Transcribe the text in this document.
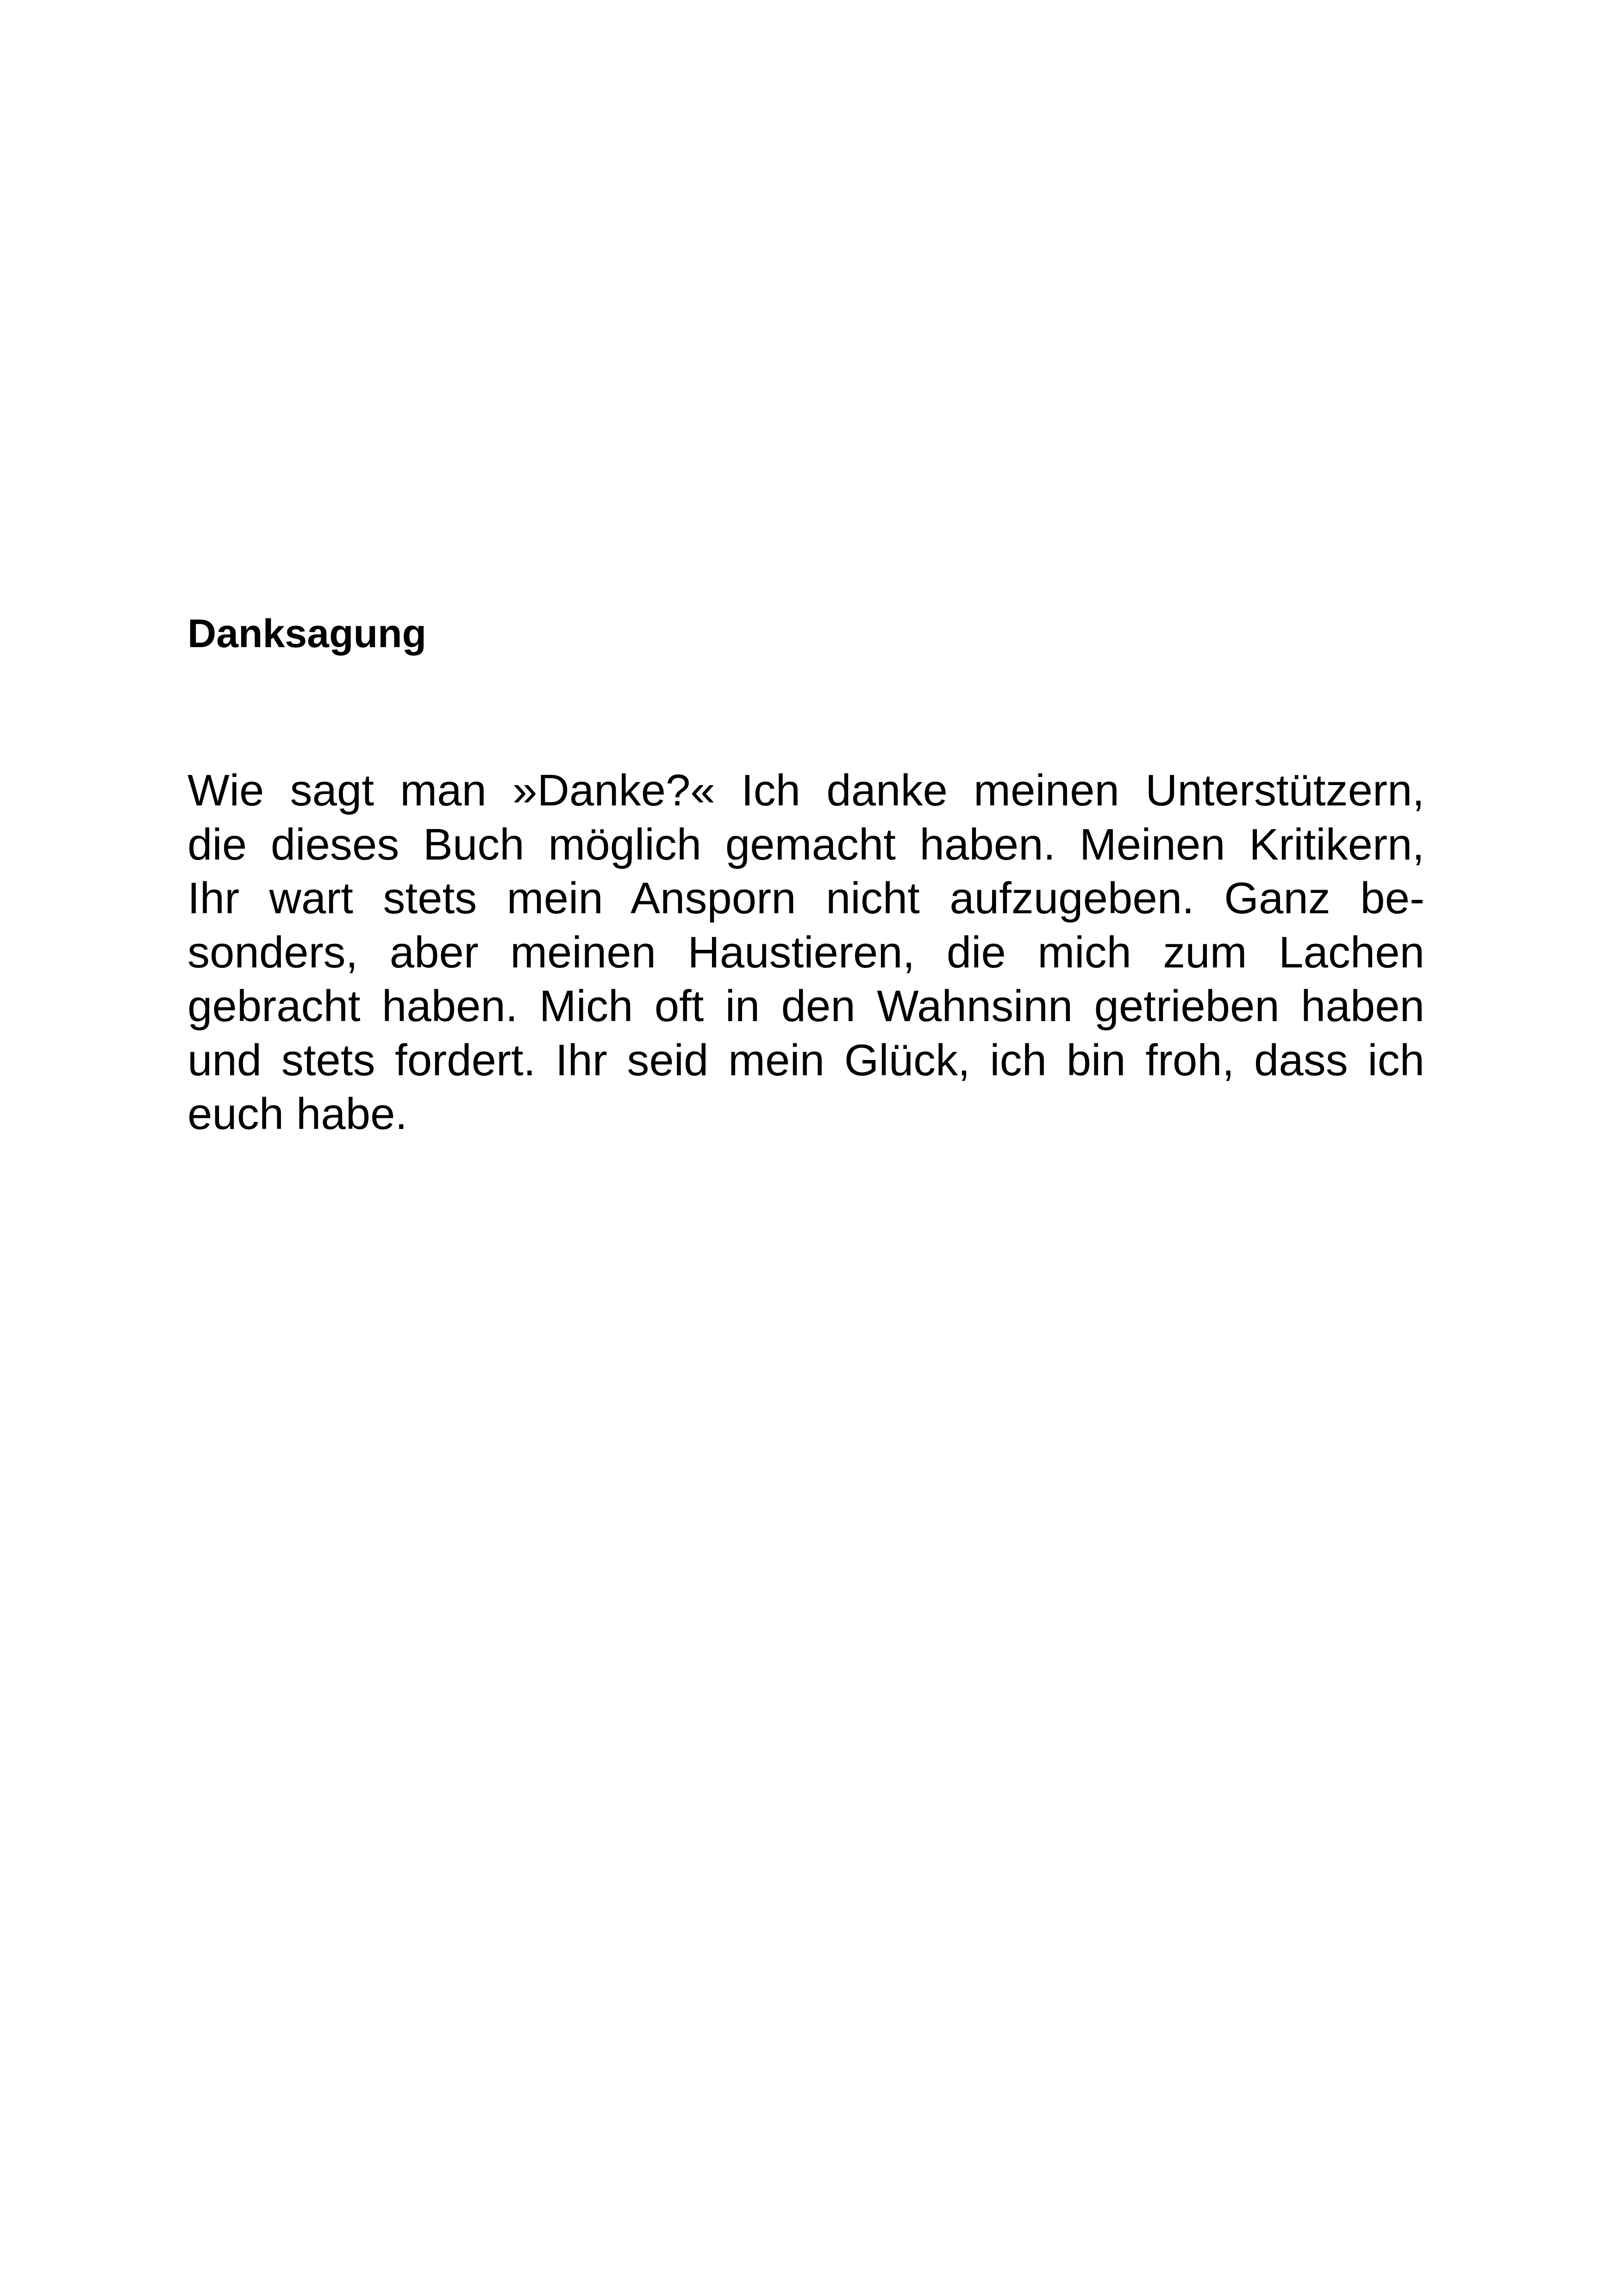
Danksagung
Wie sagt man »Danke?« Ich danke meinen Unterstützern,
die dieses Buch möglich gemacht haben. Meinen Kritikern,
Ihr wart stets mein Ansporn nicht aufzugeben. Ganz be-
sonders, aber meinen Haustieren, die mich zum Lachen
gebracht haben. Mich oft in den Wahnsinn getrieben haben
und stets fordert. Ihr seid mein Glück, ich bin froh, dass ich
euch habe.
